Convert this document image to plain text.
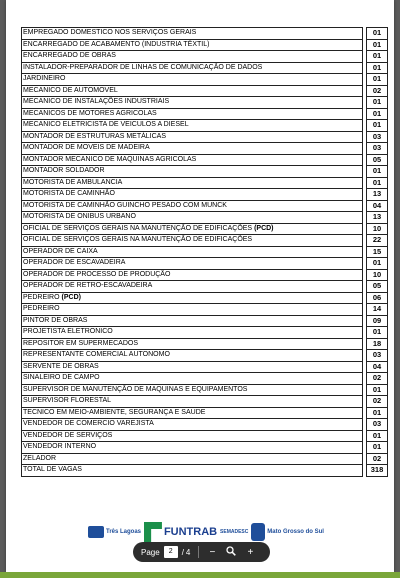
EMPREGADO DOMESTICO NOS SERVIÇOS GERAIS		01
ENCARREGADO DE ACABAMENTO (INDUSTRIA TÊXTIL)		01
ENCARREGADO DE OBRAS		01
INSTALADOR-PREPARADOR DE LINHAS DE COMUNICAÇÃO DE DADOS		01
JARDINEIRO		01
MECANICO DE AUTOMOVEL		02
MECANICO DE INSTALAÇÕES INDUSTRIAIS		01
MECANICOS DE MOTORES AGRICOLAS		01
MECANICO ELETRICISTA DE VEICULOS A DIESEL		01
MONTADOR DE ESTRUTURAS METÁLICAS		03
MONTADOR DE MOVEIS DE MADEIRA		03
MONTADOR MECANICO DE MAQUINAS AGRICOLAS		05
MONTADOR SOLDADOR		01
MOTORISTA DE AMBULANCIA		01
MOTORISTA DE CAMINHÃO		13
MOTORISTA DE CAMINHÃO GUINCHO PESADO COM MUNCK		04
MOTORISTA DE ONIBUS URBANO		13
OFICIAL DE SERVIÇOS GERAIS NA MANUTENÇÃO DE EDIFICAÇÕES (PCD)		10
OFICIAL DE SERVIÇOS GERAIS NA MANUTENÇÃO DE EDIFICAÇÕES		22
OPERADOR DE CAIXA		15
OPERADOR DE ESCAVADEIRA		01
OPERADOR DE PROCESSO DE PRODUÇÃO		10
OPERADOR DE RETRO-ESCAVADEIRA		05
PEDREIRO (PCD)		06
PEDREIRO		14
PINTOR DE OBRAS		09
PROJETISTA ELETRONICO		01
REPOSITOR EM SUPERMECADOS		18
REPRESENTANTE COMERCIAL AUTONOMO		03
SERVENTE DE OBRAS		04
SINALEIRO DE CAMPO		02
SUPERVISOR DE MANUTENÇÃO DE MAQUINAS E EQUIPAMENTOS		01
SUPERVISOR FLORESTAL		02
TECNICO EM MEIO-AMBIENTE, SEGURANÇA E SAUDE		01
VENDEDOR DE COMERCIO VAREJISTA		03
VENDEDOR DE SERVIÇOS		01
VENDEDOR INTERNO		01
ZELADOR		02
TOTAL DE VAGAS		318
Três Lagoas FUNTRAB SEMADESC	Mato Grosso do Sul
Page	2	/ 4	−	+
